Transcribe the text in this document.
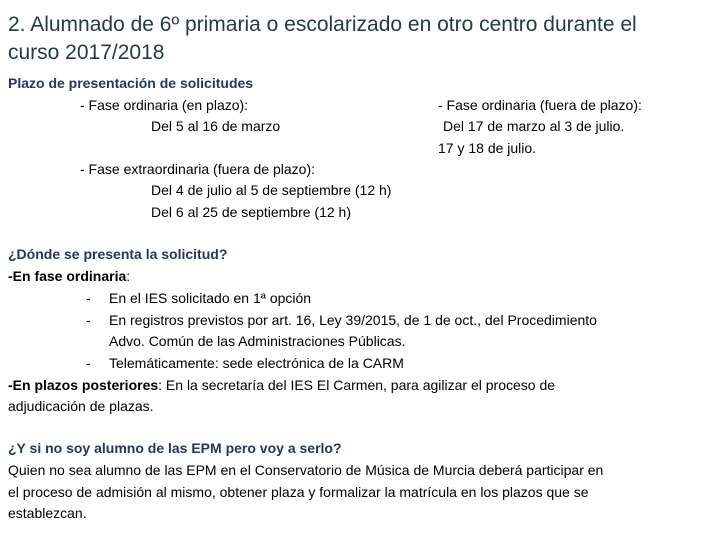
2. Alumnado de 6º primaria o escolarizado en otro centro durante el
curso 2017/2018
Plazo de presentación de solicitudes
- Fase ordinaria (en plazo):
Del 5 al 16 de marzo
- Fase ordinaria (fuera de plazo):
Del 17 de marzo al 3 de julio.
17 y 18 de julio.
- Fase extraordinaria (fuera de plazo):
Del 4 de julio al 5 de septiembre (12 h)
Del 6 al 25 de septiembre (12 h)
¿Dónde se presenta la solicitud?
-En fase ordinaria:
- En el IES solicitado en 1ª opción
- En registros previstos por art. 16, Ley 39/2015, de 1 de oct., del Procedimiento
Advo. Común de las Administraciones Públicas.
- Telemáticamente: sede electrónica de la CARM
-En plazos posteriores: En la secretaría del IES El Carmen, para agilizar el proceso de
adjudicación de plazas.
¿Y si no soy alumno de las EPM pero voy a serlo?
Quien no sea alumno de las EPM en el Conservatorio de Música de Murcia deberá participar en
el proceso de admisión al mismo, obtener plaza y formalizar la matrícula en los plazos que se
establezcan.
